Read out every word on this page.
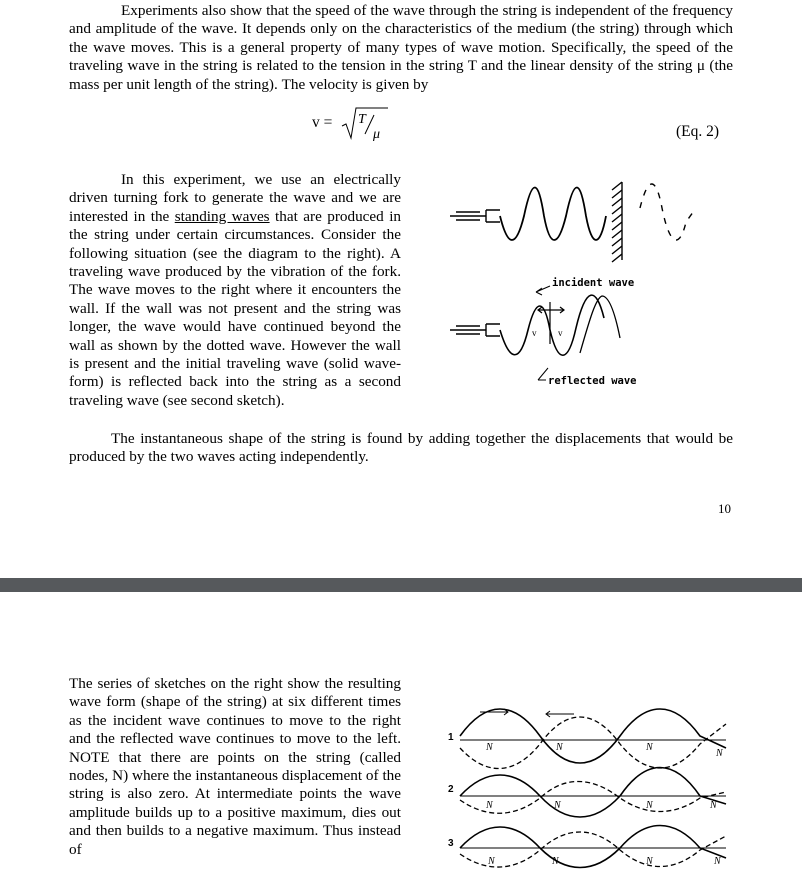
Experiments also show that the speed of the wave through the string is independent of the frequency and amplitude of the wave. It depends only on the characteristics of the medium (the string) through which the wave moves. This is a general property of many types of wave motion. Specifically, the speed of the traveling wave in the string is related to the tension in the string T and the linear density of the string μ (the mass per unit length of the string). The velocity is given by

v = T
μ	(Eq. 2)

In this experiment, we use an electrically driven turning fork to generate the wave and we are interested in the standing waves that are produced in the string under certain circumstances. Consider the following situation (see the diagram to the right). A traveling wave produced by the vibration of the fork. The wave moves to the right where it encounters the wall. If the wall was not present and the string was longer, the wave would have continued beyond the wall as shown by the dotted wave. However the wall is present and the initial traveling wave (solid wave-form) is reflected back into the string as a second traveling wave (see second sketch).

The instantaneous shape of the string is found by adding together the displacements that would be produced by the two waves acting independently.

incident wave
v v
reflected wave
10

The series of sketches on the right show the resulting wave form (shape of the string) at six different times as the incident wave continues to move to the right and the reflected wave continues to move to the left. NOTE that there are points on the string (called nodes, N) where the instantaneous displacement of the string is also zero. At intermediate points the wave amplitude builds up to a positive maximum, dies out and then builds to a negative maximum. Thus instead of

1
N	N	N
N
2
N	N	N	N
3
N	N	N	N
